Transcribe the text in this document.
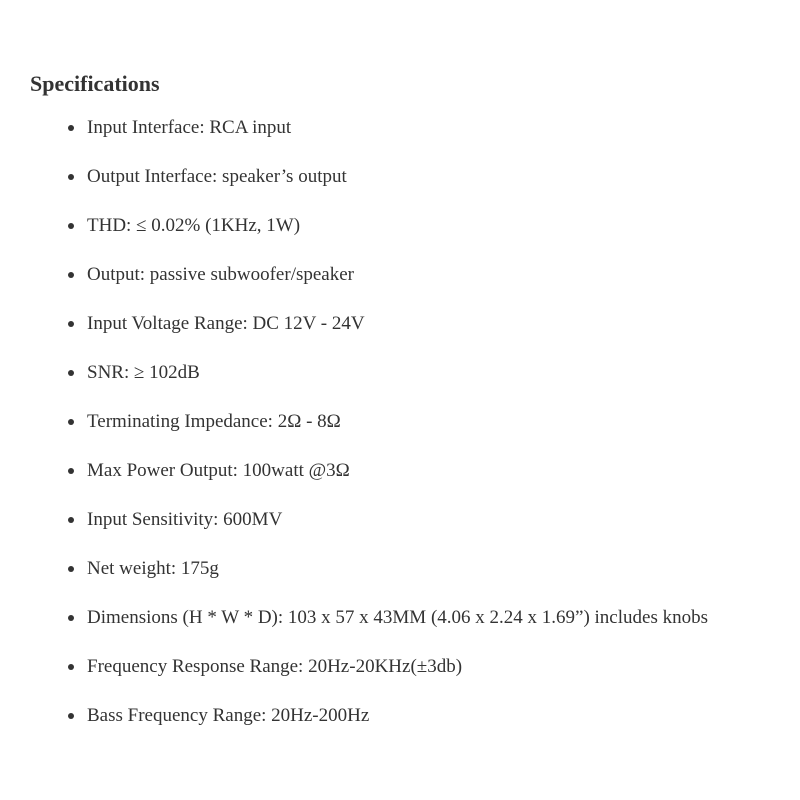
Specifications
Input Interface: RCA input
Output Interface: speaker’s output
THD: ≤ 0.02% (1KHz, 1W)
Output: passive subwoofer/speaker
Input Voltage Range: DC 12V - 24V
SNR: ≥ 102dB
Terminating Impedance: 2Ω - 8Ω
Max Power Output: 100watt @3Ω
Input Sensitivity: 600MV
Net weight: 175g
Dimensions (H * W * D): 103 x 57 x 43MM (4.06 x 2.24 x 1.69”) includes knobs
Frequency Response Range: 20Hz-20KHz(±3db)
Bass Frequency Range: 20Hz-200Hz
